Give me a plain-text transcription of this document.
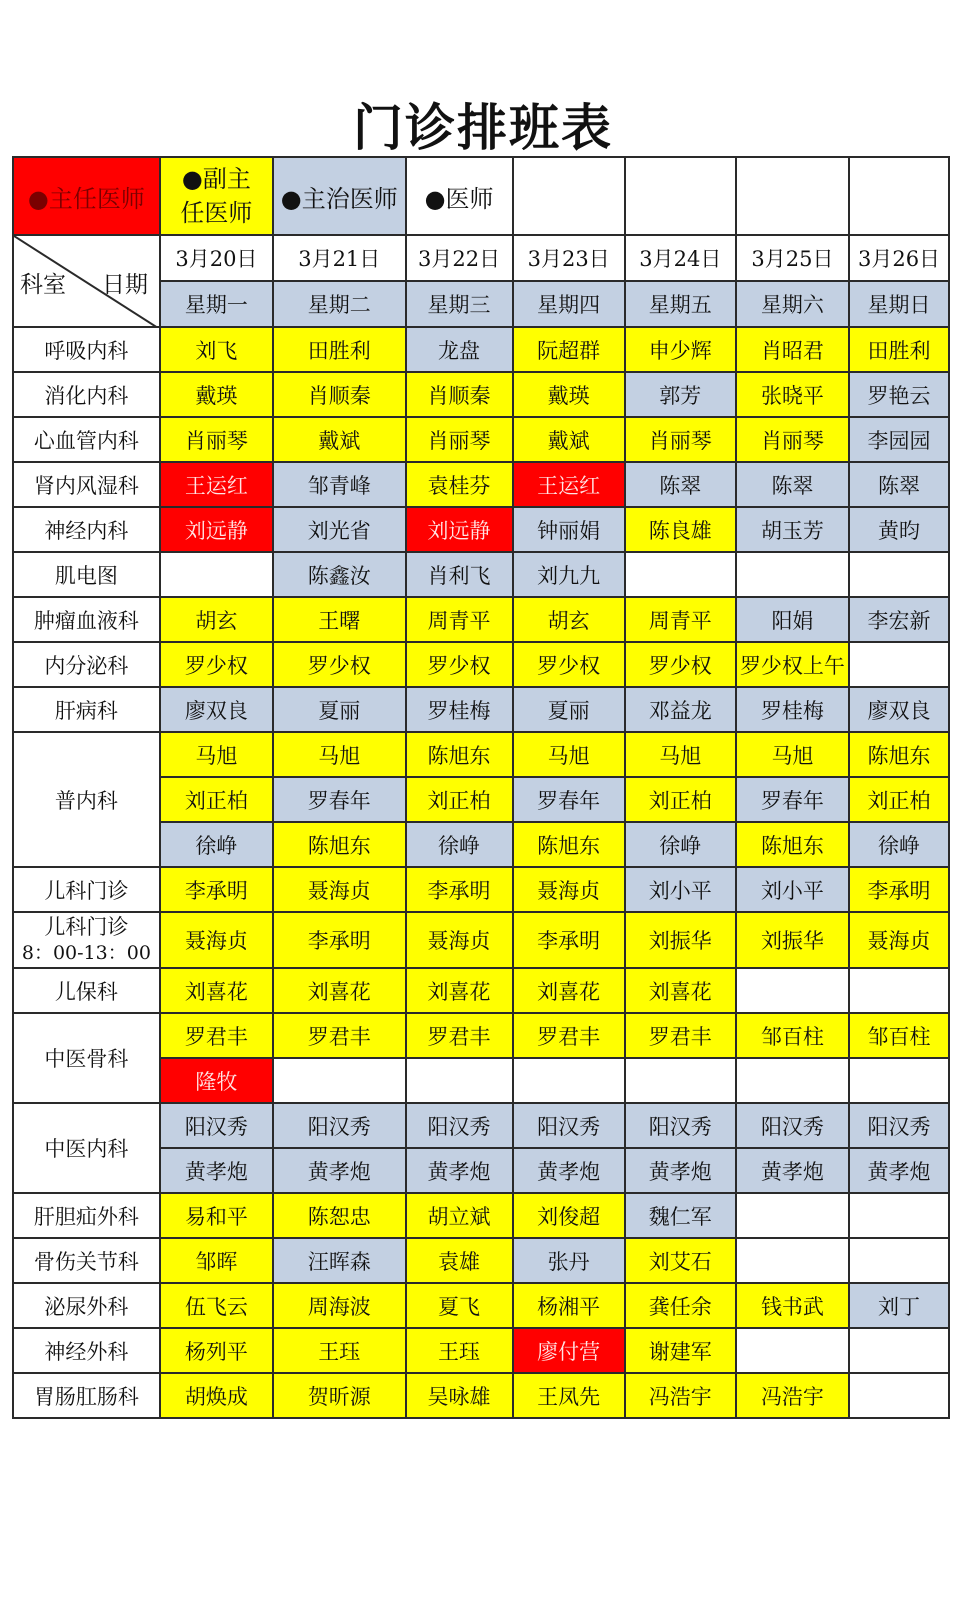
门诊排班表
●主任医师	●副主
任医师	●主治医师	●医师				

科室 日期	3月20日	3月21日	3月22日	3月23日	3月24日	3月25日	3月26日
	星期一	星期二	星期三	星期四	星期五	星期六	星期日
呼吸内科	刘飞	田胜利	龙盘	阮超群	申少辉	肖昭君	田胜利
消化内科	戴瑛	肖顺秦	肖顺秦	戴瑛	郭芳	张晓平	罗艳云
心血管内科	肖丽琴	戴斌	肖丽琴	戴斌	肖丽琴	肖丽琴	李园园
肾内风湿科	王运红	邹青峰	袁桂芬	王运红	陈翠	陈翠	陈翠
神经内科	刘远静	刘光省	刘远静	钟丽娟	陈良雄	胡玉芳	黄昀
肌电图		陈鑫汝	肖利飞	刘九九			
肿瘤血液科	胡玄	王曙	周青平	胡玄	周青平	阳娟	李宏新
内分泌科	罗少权	罗少权	罗少权	罗少权	罗少权	罗少权上午	
肝病科	廖双良	夏丽	罗桂梅	夏丽	邓益龙	罗桂梅	廖双良
普内科	马旭	马旭	陈旭东	马旭	马旭	马旭	陈旭东
	刘正柏	罗春年	刘正柏	罗春年	刘正柏	罗春年	刘正柏
	徐峥	陈旭东	徐峥	陈旭东	徐峥	陈旭东	徐峥
儿科门诊	李承明	聂海贞	李承明	聂海贞	刘小平	刘小平	李承明

儿科门诊
8：00-13：00	聂海贞	李承明	聂海贞	李承明	刘振华	刘振华	聂海贞
儿保科	刘喜花	刘喜花	刘喜花	刘喜花	刘喜花		
中医骨科	罗君丰	罗君丰	罗君丰	罗君丰	罗君丰	邹百柱	邹百柱
	隆牧						
中医内科	阳汉秀	阳汉秀	阳汉秀	阳汉秀	阳汉秀	阳汉秀	阳汉秀
	黄孝炮	黄孝炮	黄孝炮	黄孝炮	黄孝炮	黄孝炮	黄孝炮
肝胆疝外科	易和平	陈恕忠	胡立斌	刘俊超	魏仁军		
骨伤关节科	邹晖	汪晖森	袁雄	张丹	刘艾石		
泌尿外科	伍飞云	周海波	夏飞	杨湘平	龚任余	钱书武	刘丁
神经外科	杨列平	王珏	王珏	廖付营	谢建军		
胃肠肛肠科	胡焕成	贺昕源	吴咏雄	王凤先	冯浩宇	冯浩宇	
